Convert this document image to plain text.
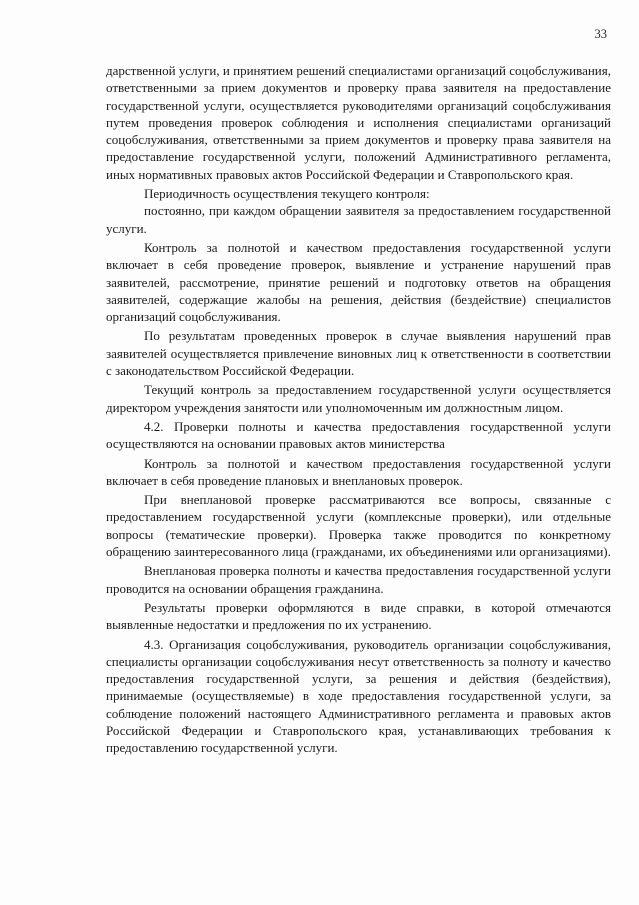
33

дарственной услуги, и принятием решений специалистами организаций соцобслуживания, ответственными за прием документов и проверку права заявителя на предоставление государственной услуги, осуществляется руководителями организаций соцобслуживания путем проведения проверок соблюдения и исполнения специалистами организаций соцобслуживания, ответственными за прием документов и проверку права заявителя на предоставление государственной услуги, положений Административного регламента, иных нормативных правовых актов Российской Федерации и Ставропольского края.

Периодичность осуществления текущего контроля:

постоянно, при каждом обращении заявителя за предоставлением государственной услуги.

Контроль за полнотой и качеством предоставления государственной услуги включает в себя проведение проверок, выявление и устранение нарушений прав заявителей, рассмотрение, принятие решений и подготовку ответов на обращения заявителей, содержащие жалобы на решения, действия (бездействие) специалистов организаций соцобслуживания.

По результатам проведенных проверок в случае выявления нарушений прав заявителей осуществляется привлечение виновных лиц к ответственности в соответствии с законодательством Российской Федерации.

Текущий контроль за предоставлением государственной услуги осуществляется директором учреждения занятости или уполномоченным им должностным лицом.

4.2. Проверки полноты и качества предоставления государственной услуги осуществляются на основании правовых актов министерства

Контроль за полнотой и качеством предоставления государственной услуги включает в себя проведение плановых и внеплановых проверок.

При внеплановой проверке рассматриваются все вопросы, связанные с предоставлением государственной услуги (комплексные проверки), или отдельные вопросы (тематические проверки). Проверка также проводится по конкретному обращению заинтересованного лица (гражданами, их объединениями или организациями).

Внеплановая проверка полноты и качества предоставления государственной услуги проводится на основании обращения гражданина.

Результаты проверки оформляются в виде справки, в которой отмечаются выявленные недостатки и предложения по их устранению.

4.3. Организация соцобслуживания, руководитель организации соцобслуживания, специалисты организации соцобслуживания несут ответственность за полноту и качество предоставления государственной услуги, за решения и действия (бездействия), принимаемые (осуществляемые) в ходе предоставления государственной услуги, за соблюдение положений настоящего Административного регламента и правовых актов Российской Федерации и Ставропольского края, устанавливающих требования к предоставлению государственной услуги.
